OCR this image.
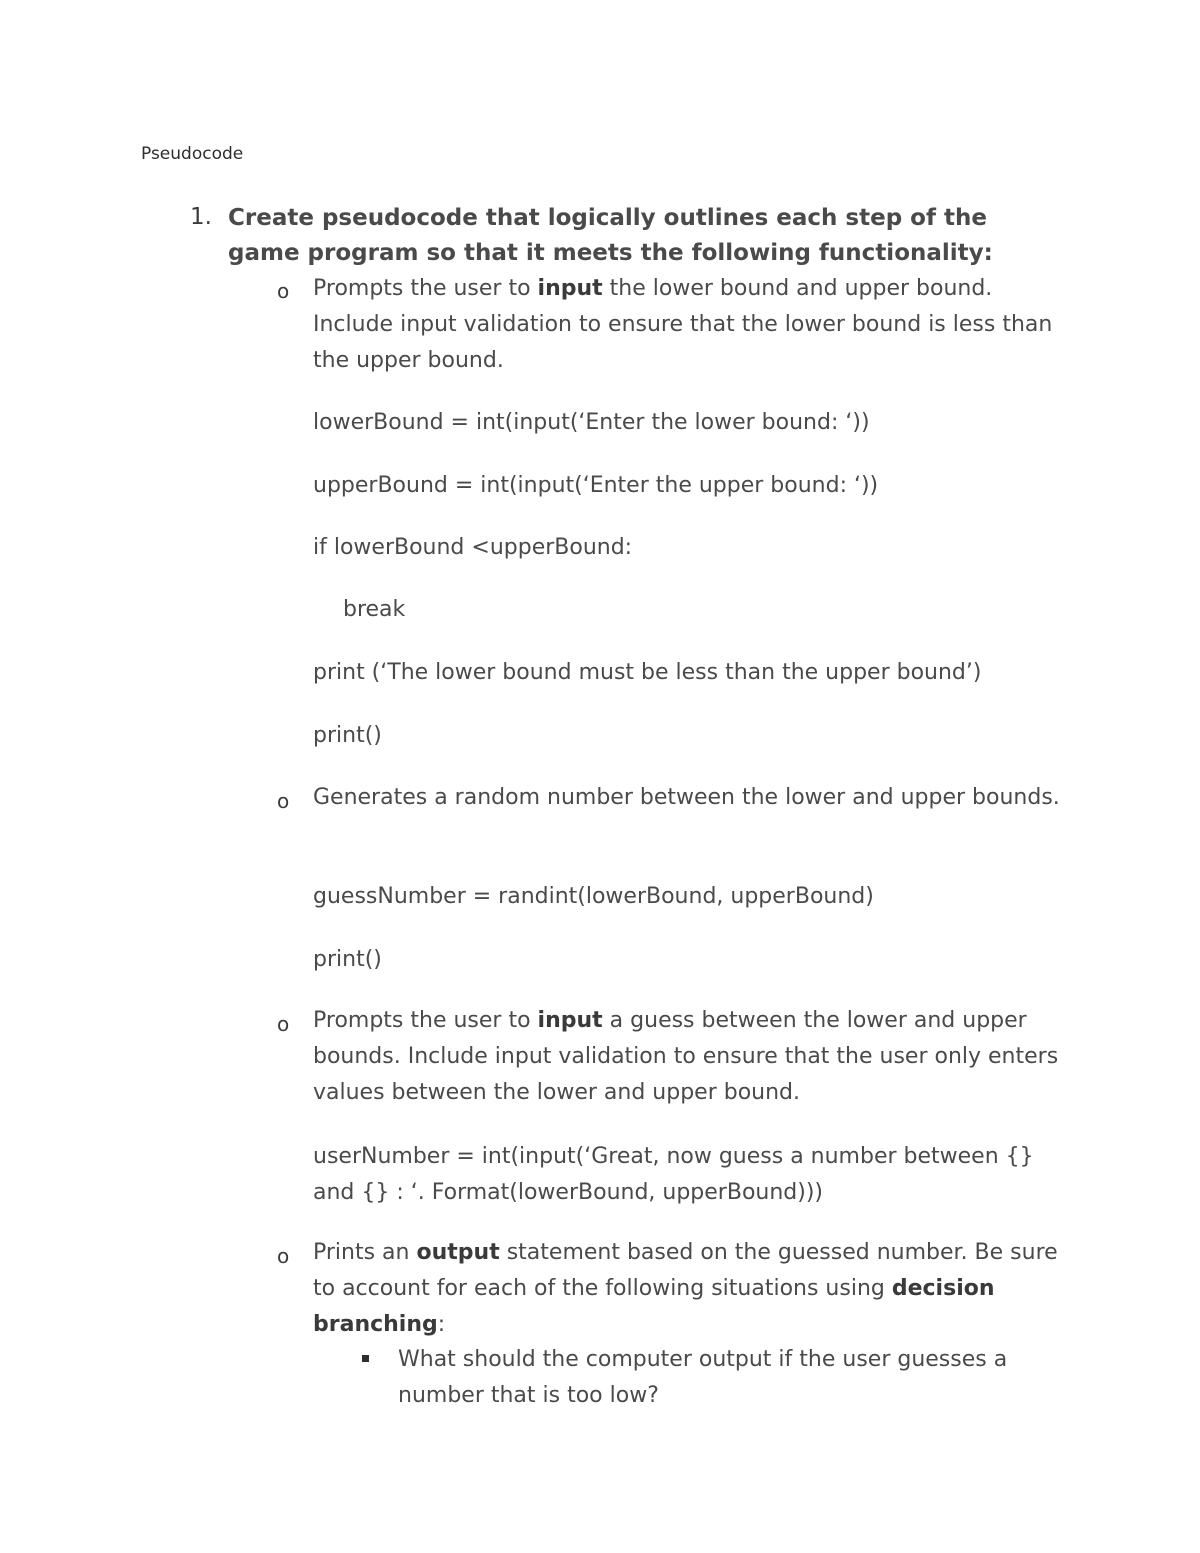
Pseudocode
1. Create pseudocode that logically outlines each step of the game program so that it meets the following functionality:
o Prompts the user to input the lower bound and upper bound. Include input validation to ensure that the lower bound is less than the upper bound.
lowerBound = int(input(‘Enter the lower bound: ‘))
upperBound = int(input(‘Enter the upper bound: ‘))
if lowerBound <upperBound:
break
print (‘The lower bound must be less than the upper bound’)
print()
o Generates a random number between the lower and upper bounds.
guessNumber = randint(lowerBound, upperBound)
print()
o Prompts the user to input a guess between the lower and upper bounds. Include input validation to ensure that the user only enters values between the lower and upper bound.
userNumber = int(input(‘Great, now guess a number between {} and {} : ‘. Format(lowerBound, upperBound)))
o Prints an output statement based on the guessed number. Be sure to account for each of the following situations using decision branching:
What should the computer output if the user guesses a number that is too low?
